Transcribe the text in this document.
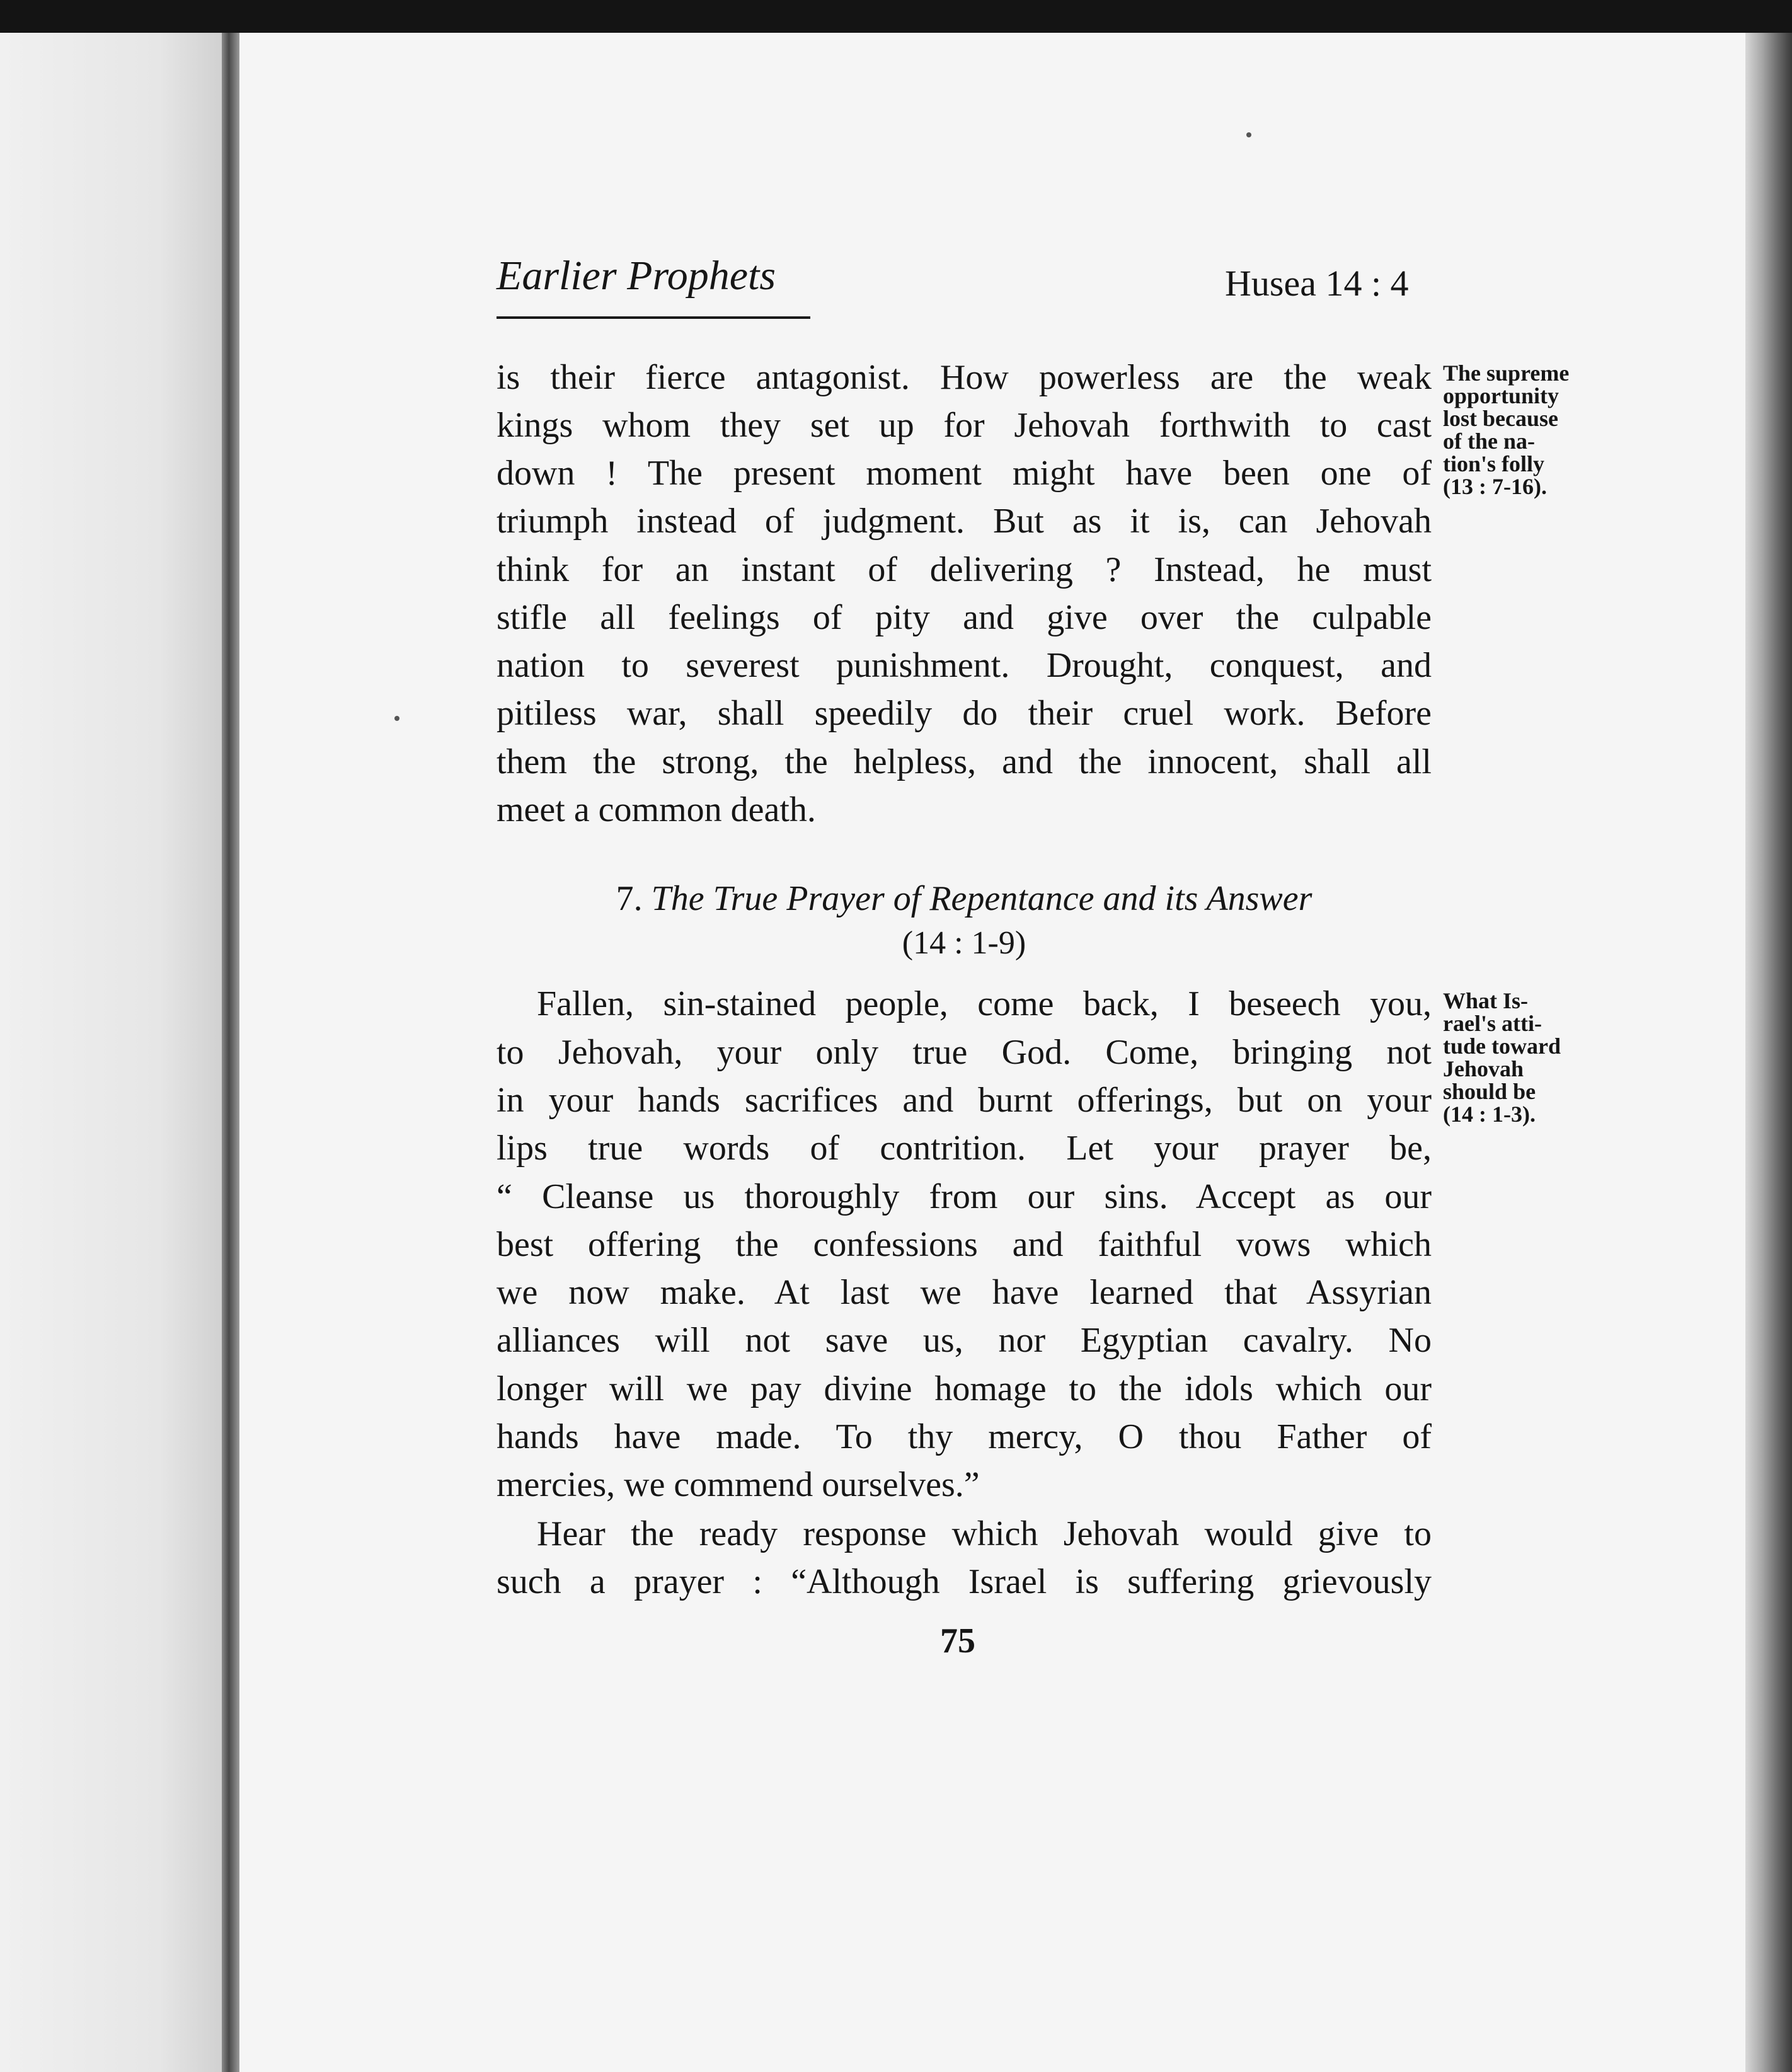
Earlier Prophets	Husea 14 : 4
is their fierce antagonist. How powerless are the weak
kings whom they set up for Jehovah forthwith to cast
down ! The present moment might have been one of
triumph instead of judgment. But as it is, can Jehovah
think for an instant of delivering ? Instead, he must
stifle all feelings of pity and give over the culpable
nation to severest punishment. Drought, conquest, and
pitiless war, shall speedily do their cruel work. Before
them the strong, the helpless, and the innocent, shall all
meet a common death.
The supreme
opportunity
lost because
of the na-
tion's folly
(13 : 7-16).
7. The True Prayer of Repentance and its Answer
(14 : 1-9)
Fallen, sin-stained people, come back, I beseech you,
to Jehovah, your only true God. Come, bringing not
in your hands sacrifices and burnt offerings, but on your
lips true words of contrition. Let your prayer be,
“ Cleanse us thoroughly from our sins. Accept as our
best offering the confessions and faithful vows which
we now make. At last we have learned that Assyrian
alliances will not save us, nor Egyptian cavalry. No
longer will we pay divine homage to the idols which our
hands have made. To thy mercy, O thou Father of
mercies, we commend ourselves.”
What Is-
rael's atti-
tude toward
Jehovah
should be
(14 : 1-3).
Hear the ready response which Jehovah would give to
such a prayer : “Although Israel is suffering grievously
75
